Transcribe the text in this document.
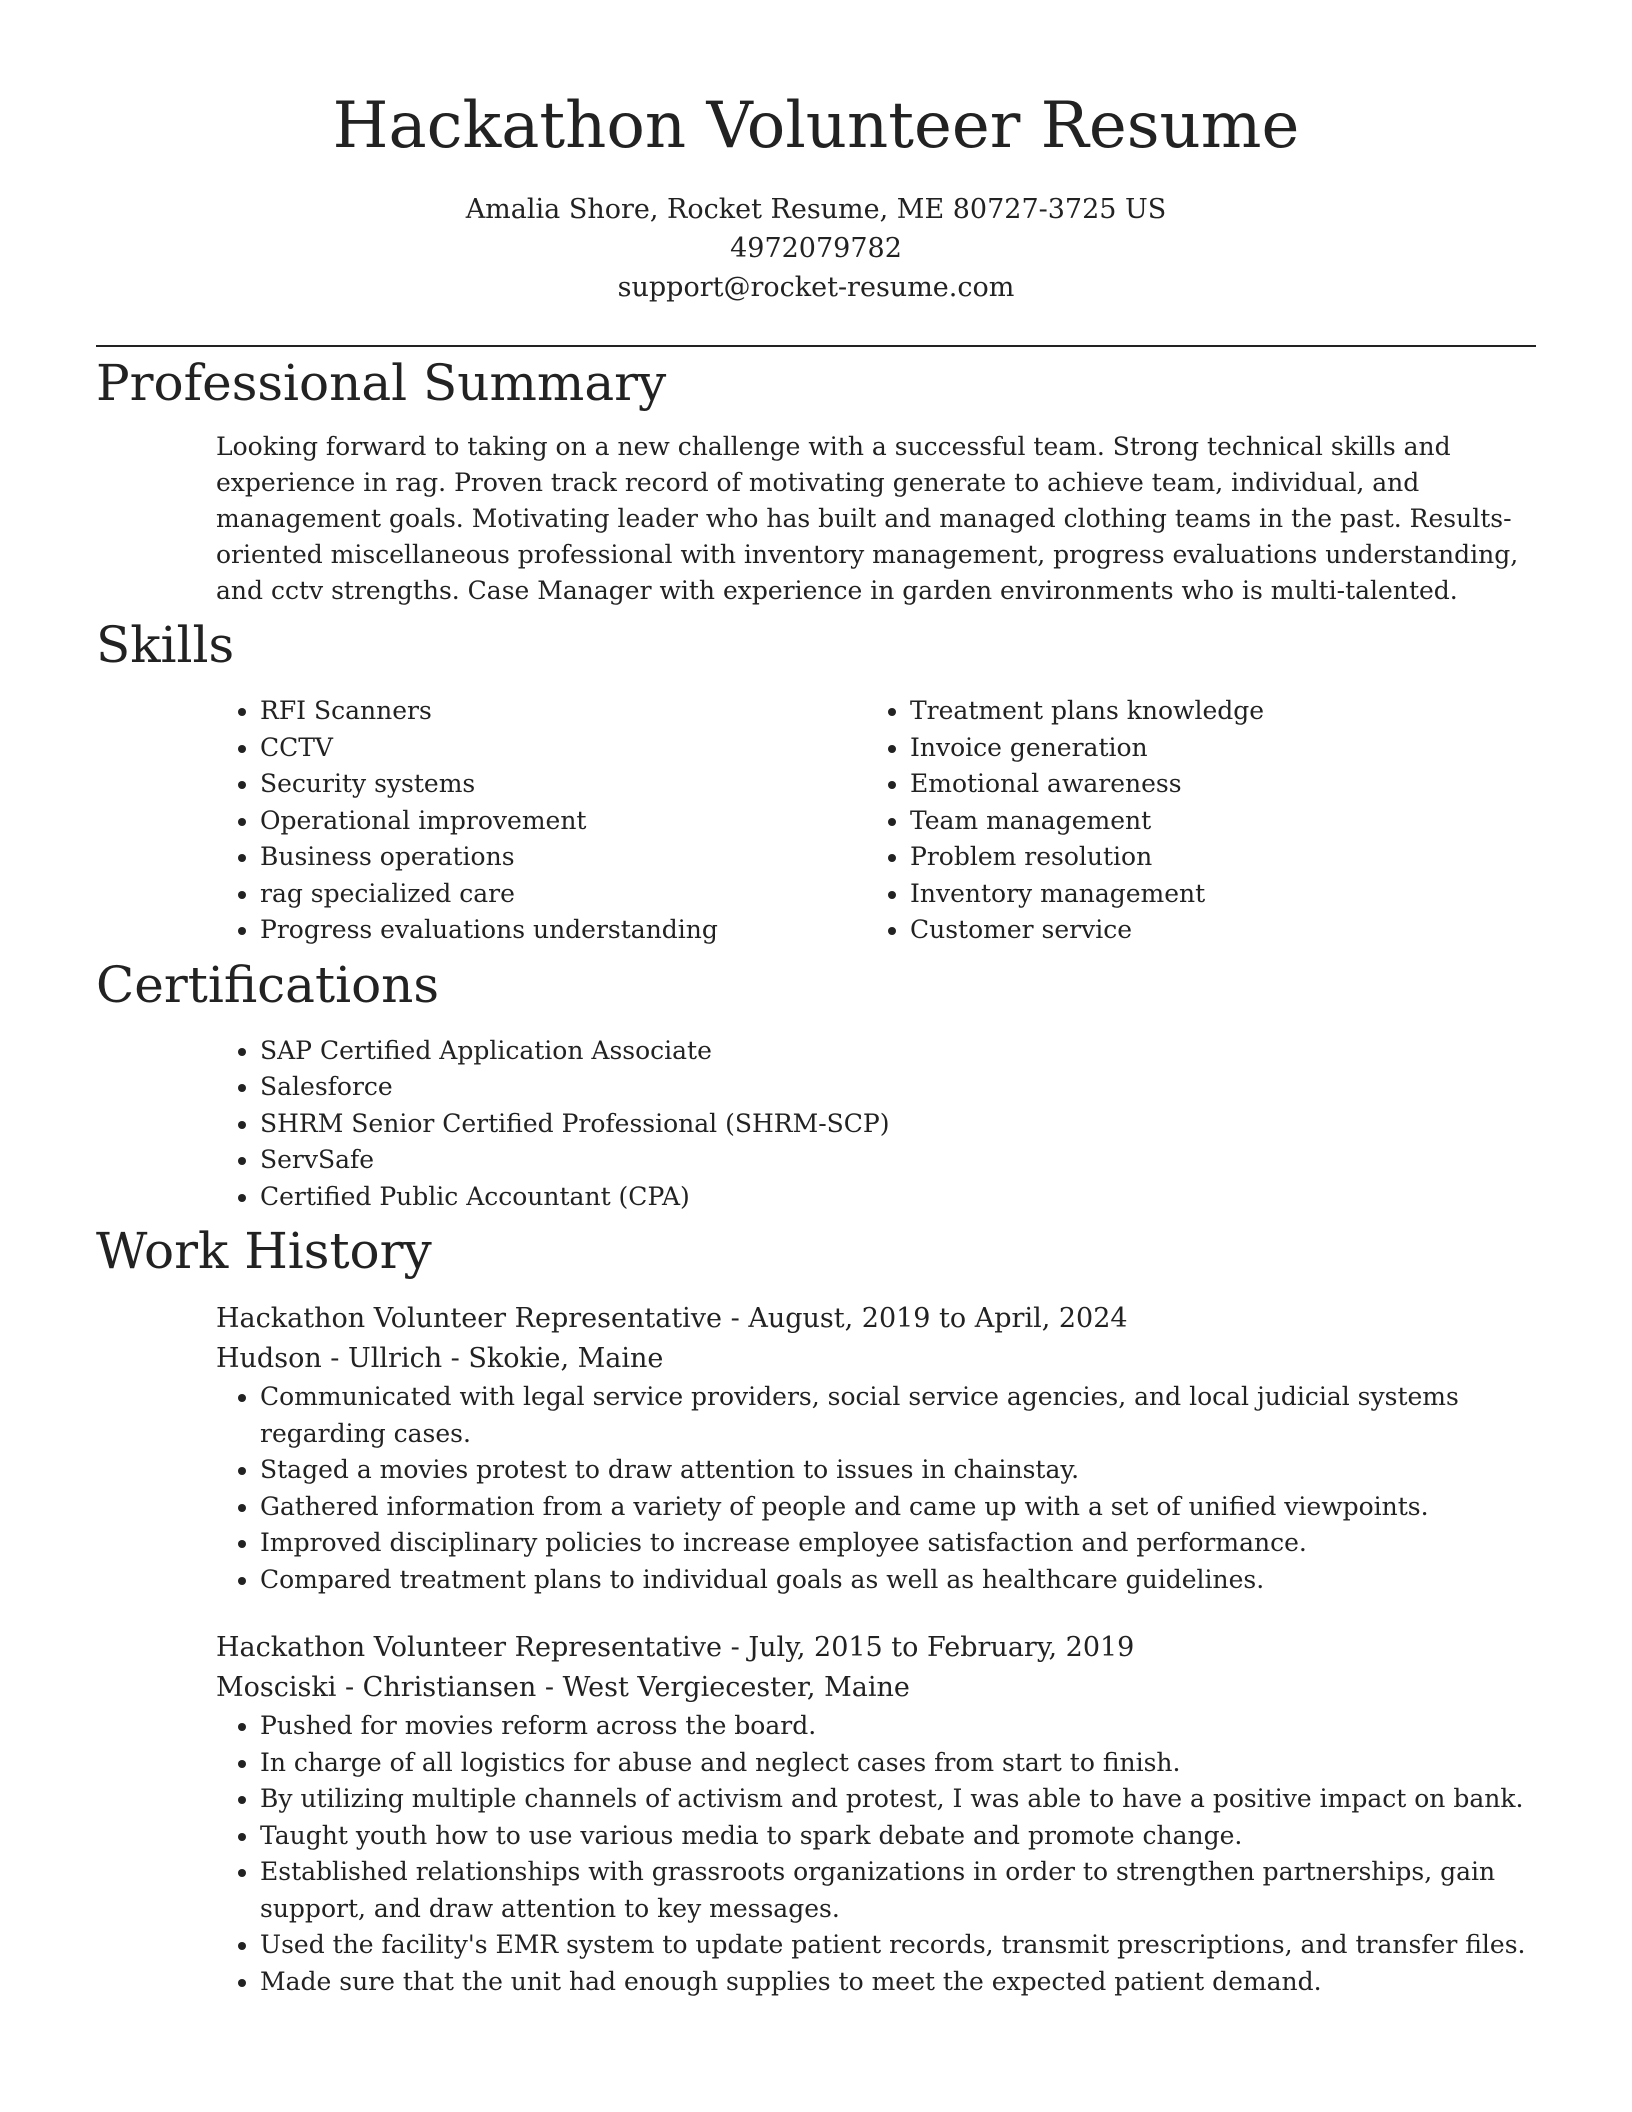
Hackathon Volunteer Resume

Amalia Shore, Rocket Resume, ME 80727-3725 US

4972079782

support@rocket-resume.com

Professional Summary

Looking forward to taking on a new challenge with a successful team. Strong technical skills and experience in rag. Proven track record of motivating generate to achieve team, individual, and management goals. Motivating leader who has built and managed clothing teams in the past. Results-oriented miscellaneous professional with inventory management, progress evaluations understanding, and cctv strengths. Case Manager with experience in garden environments who is multi-talented.

Skills
• RFI Scanners
• CCTV
• Security systems
• Operational improvement
• Business operations
• rag specialized care
• Progress evaluations understanding
• Treatment plans knowledge
• Invoice generation
• Emotional awareness
• Team management
• Problem resolution
• Inventory management
• Customer service
Certifications
• SAP Certified Application Associate
• Salesforce
• SHRM Senior Certified Professional (SHRM-SCP)
• ServSafe
• Certified Public Accountant (CPA)
Work History

Hackathon Volunteer Representative - August, 2019 to April, 2024

Hudson - Ullrich - Skokie, Maine

• Communicated with legal service providers, social service agencies, and local judicial systems regarding cases.
• Staged a movies protest to draw attention to issues in chainstay.
• Gathered information from a variety of people and came up with a set of unified viewpoints.
• Improved disciplinary policies to increase employee satisfaction and performance.
• Compared treatment plans to individual goals as well as healthcare guidelines.

Hackathon Volunteer Representative - July, 2015 to February, 2019

Mosciski - Christiansen - West Vergiecester, Maine

• Pushed for movies reform across the board.
• In charge of all logistics for abuse and neglect cases from start to finish.
• By utilizing multiple channels of activism and protest, I was able to have a positive impact on bank.
• Taught youth how to use various media to spark debate and promote change.
• Established relationships with grassroots organizations in order to strengthen partnerships, gain support, and draw attention to key messages.
• Used the facility's EMR system to update patient records, transmit prescriptions, and transfer files.
• Made sure that the unit had enough supplies to meet the expected patient demand.
